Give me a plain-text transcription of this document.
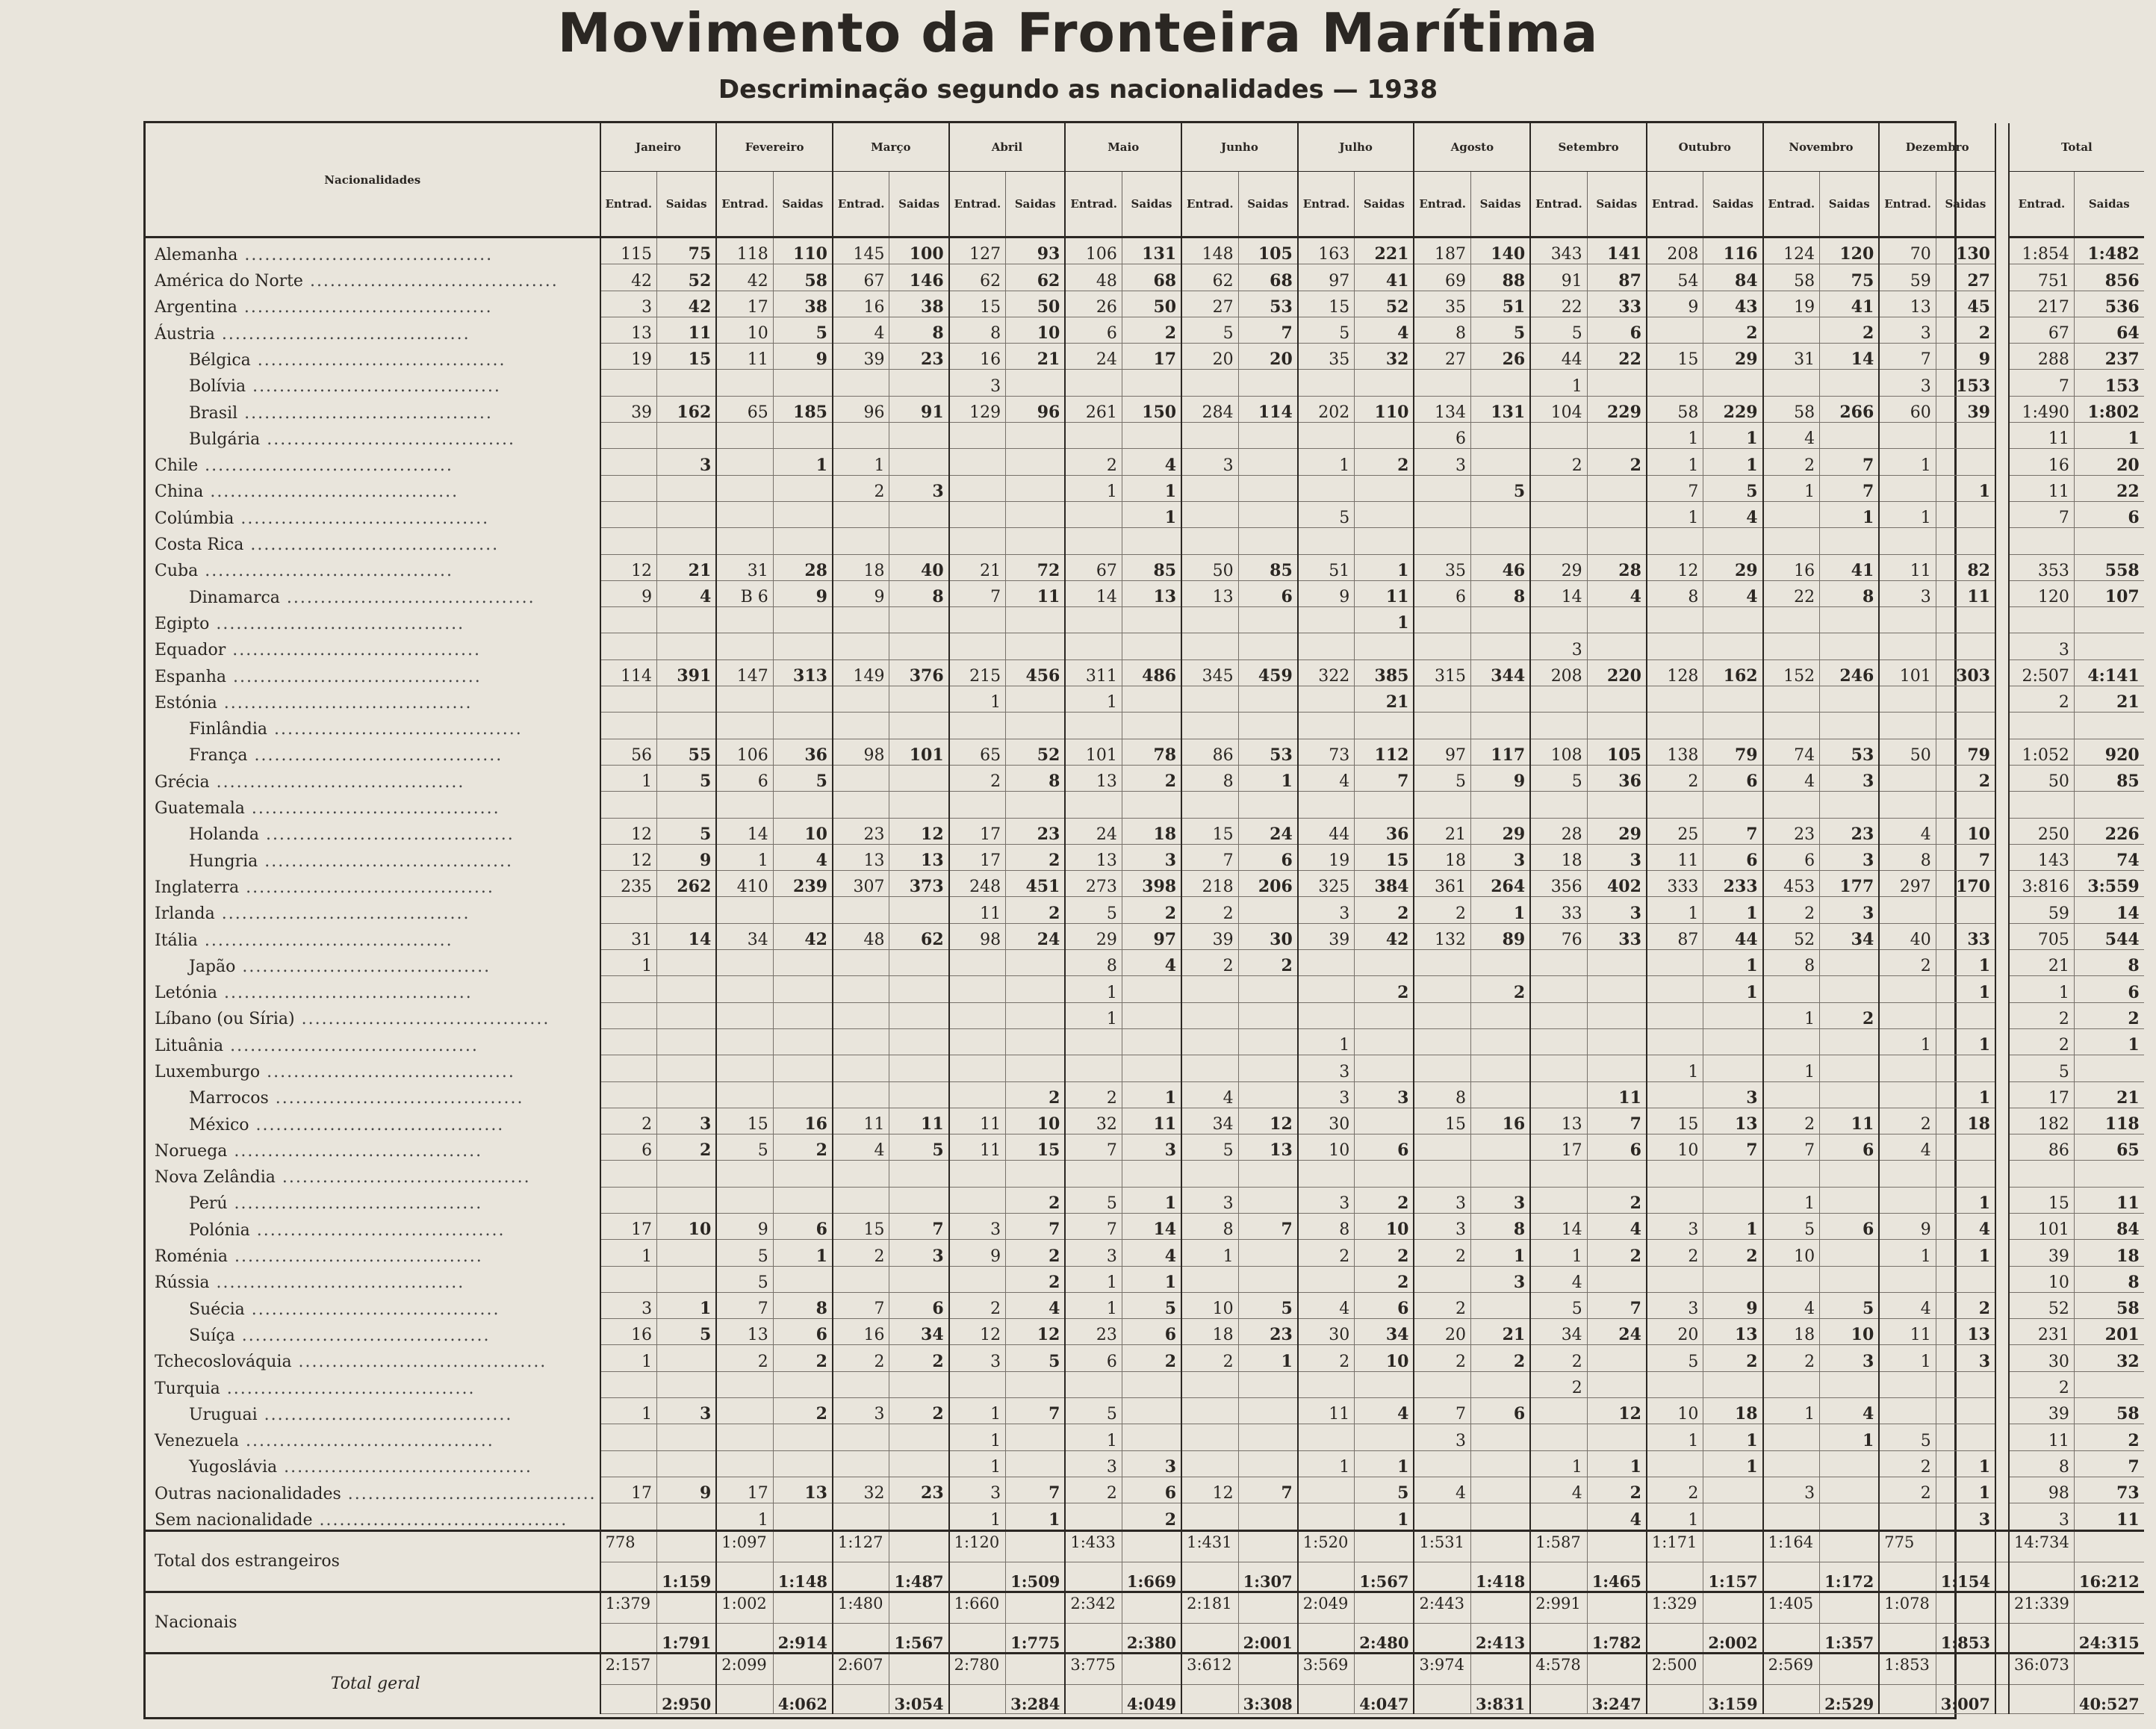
Movimento da Fronteira Marítima
Descriminação segundo as nacionalidades — 1938
Nacionalidades	Janeiro		Fevereiro		Março		Abril		Maio		Junho		Julho		Agosto		Setembro		Outubro		Novembro		Dezembro			Total	
	Entrad.	Saidas	Entrad.	Saidas	Entrad.	Saidas	Entrad.	Saidas	Entrad.	Saidas	Entrad.	Saidas	Entrad.	Saidas	Entrad.	Saidas	Entrad.	Saidas	Entrad.	Saidas	Entrad.	Saidas	Entrad.	Saidas		Entrad.	Saidas
Alemanha .....................................	115	75	118	110	145	100	127	93	106	131	148	105	163	221	187	140	343	141	208	116	124	120	70	130		1:854	1:482
América do Norte .....................................	42	52	42	58	67	146	62	62	48	68	62	68	97	41	69	88	91	87	54	84	58	75	59	27		751	856
Argentina .....................................	3	42	17	38	16	38	15	50	26	50	27	53	15	52	35	51	22	33	9	43	19	41	13	45		217	536
Áustria .....................................	13	11	10	5	4	8	8	10	6	2	5	7	5	4	8	5	5	6		2		2	3	2		67	64
Bélgica .....................................	19	15	11	9	39	23	16	21	24	17	20	20	35	32	27	26	44	22	15	29	31	14	7	9		288	237
Bolívia .....................................							3										1						3	153		7	153
Brasil .....................................	39	162	65	185	96	91	129	96	261	150	284	114	202	110	134	131	104	229	58	229	58	266	60	39		1:490	1:802
Bulgária .....................................															6				1	1	4					11	1
Chile .....................................		3		1	1				2	4	3		1	2	3		2	2	1	1	2	7	1			16	20
China .....................................					2	3			1	1						5			7	5	1	7		1		11	22
Colúmbia .....................................										1			5						1	4		1	1			7	6
Costa Rica .....................................																											
Cuba .....................................	12	21	31	28	18	40	21	72	67	85	50	85	51	1	35	46	29	28	12	29	16	41	11	82		353	558
Dinamarca .....................................	9	4	B 6	9	9	8	7	11	14	13	13	6	9	11	6	8	14	4	8	4	22	8	3	11		120	107
Egipto .....................................														1													
Equador .....................................																	3									3	
Espanha .....................................	114	391	147	313	149	376	215	456	311	486	345	459	322	385	315	344	208	220	128	162	152	246	101	303		2:507	4:141
Estónia .....................................							1		1					21												2	21
Finlândia .....................................																											
França .....................................	56	55	106	36	98	101	65	52	101	78	86	53	73	112	97	117	108	105	138	79	74	53	50	79		1:052	920
Grécia .....................................	1	5	6	5			2	8	13	2	8	1	4	7	5	9	5	36	2	6	4	3		2		50	85
Guatemala .....................................																											
Holanda .....................................	12	5	14	10	23	12	17	23	24	18	15	24	44	36	21	29	28	29	25	7	23	23	4	10		250	226
Hungria .....................................	12	9	1	4	13	13	17	2	13	3	7	6	19	15	18	3	18	3	11	6	6	3	8	7		143	74
Inglaterra .....................................	235	262	410	239	307	373	248	451	273	398	218	206	325	384	361	264	356	402	333	233	453	177	297	170		3:816	3:559
Irlanda .....................................							11	2	5	2	2		3	2	2	1	33	3	1	1	2	3				59	14
Itália .....................................	31	14	34	42	48	62	98	24	29	97	39	30	39	42	132	89	76	33	87	44	52	34	40	33		705	544
Japão .....................................	1								8	4	2	2								1	8		2	1		21	8
Letónia .....................................									1					2		2				1				1		1	6
Líbano (ou Síria) .....................................									1												1	2				2	2
Lituânia .....................................													1										1	1		2	1
Luxemburgo .....................................													3						1		1					5	
Marrocos .....................................								2	2	1	4		3	3	8			11		3				1		17	21
México .....................................	2	3	15	16	11	11	11	10	32	11	34	12	30		15	16	13	7	15	13	2	11	2	18		182	118
Noruega .....................................	6	2	5	2	4	5	11	15	7	3	5	13	10	6			17	6	10	7	7	6	4			86	65
Nova Zelândia .....................................																											
Perú .....................................								2	5	1	3		3	2	3	3		2			1			1		15	11
Polónia .....................................	17	10	9	6	15	7	3	7	7	14	8	7	8	10	3	8	14	4	3	1	5	6	9	4		101	84
Roménia .....................................	1		5	1	2	3	9	2	3	4	1		2	2	2	1	1	2	2	2	10		1	1		39	18
Rússia .....................................			5					2	1	1				2		3	4									10	8
Suécia .....................................	3	1	7	8	7	6	2	4	1	5	10	5	4	6	2		5	7	3	9	4	5	4	2		52	58
Suíça .....................................	16	5	13	6	16	34	12	12	23	6	18	23	30	34	20	21	34	24	20	13	18	10	11	13		231	201
Tchecoslováquia .....................................	1		2	2	2	2	3	5	6	2	2	1	2	10	2	2	2		5	2	2	3	1	3		30	32
Turquia .....................................																	2									2	
Uruguai .....................................	1	3		2	3	2	1	7	5				11	4	7	6		12	10	18	1	4				39	58
Venezuela .....................................							1		1						3				1	1		1	5			11	2
Yugoslávia .....................................							1		3	3			1	1			1	1		1			2	1		8	7
Outras nacionalidades .....................................	17	9	17	13	32	23	3	7	2	6	12	7		5	4		4	2	2		3		2	1		98	73
Sem nacionalidade .....................................			1				1	1		2				1				4	1					3		3	11
Total dos estrangeiros	778		1:097		1:127		1:120		1:433		1:431		1:520		1:531		1:587		1:171		1:164		775			14:734	
		1:159		1:148		1:487		1:509		1:669		1:307		1:567		1:418		1:465		1:157		1:172		1:154			16:212
Nacionais	1:379		1:002		1:480		1:660		2:342		2:181		2:049		2:443		2:991		1:329		1:405		1:078			21:339	
		1:791		2:914		1:567		1:775		2:380		2:001		2:480		2:413		1:782		2:002		1:357		1:853			24:315
Total geral	2:157		2:099		2:607		2:780		3:775		3:612		3:569		3:974		4:578		2:500		2:569		1:853			36:073	
		2:950		4:062		3:054		3:284		4:049		3:308		4:047		3:831		3:247		3:159		2:529		3:007			40:527
